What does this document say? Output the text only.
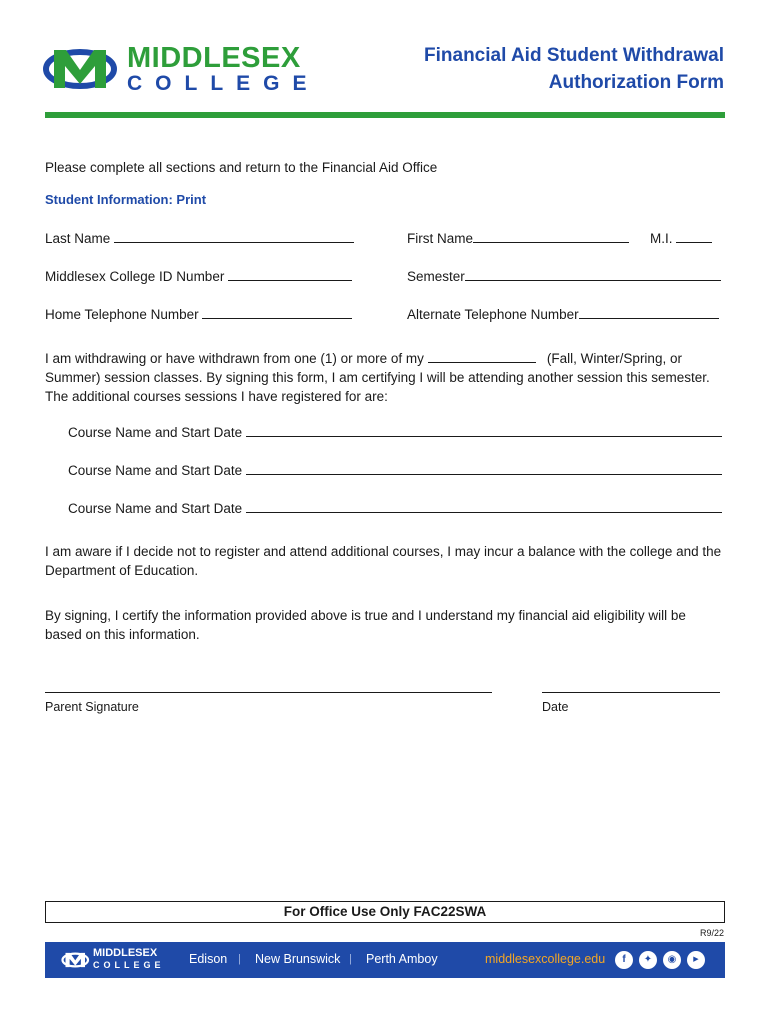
MIDDLESEX
COLLEGE
Financial Aid Student Withdrawal
Authorization Form
Please complete all sections and return to the Financial Aid Office
Student Information: Print
Last Name	First Name	M.I.
Middlesex College ID Number	Semester
Home Telephone Number	Alternate Telephone Number
I am withdrawing or have withdrawn from one (1) or more of my	(Fall, Winter/Spring, or Summer) session classes. By signing this form, I am certifying I will be attending another session this semester. The additional courses sessions I have registered for are:
Course Name and Start Date
Course Name and Start Date
Course Name and Start Date
I am aware if I decide not to register and attend additional courses, I may incur a balance with the college and the Department of Education.
By signing, I certify the information provided above is true and I understand my financial aid eligibility will be based on this information.
Parent Signature	Date
For Office Use Only FAC22SWA
R9/22
MIDDLESEX
COLLEGE Edison | New Brunswick | Perth Amboy	middlesexcollege.edu	f	✦	◉	▶
